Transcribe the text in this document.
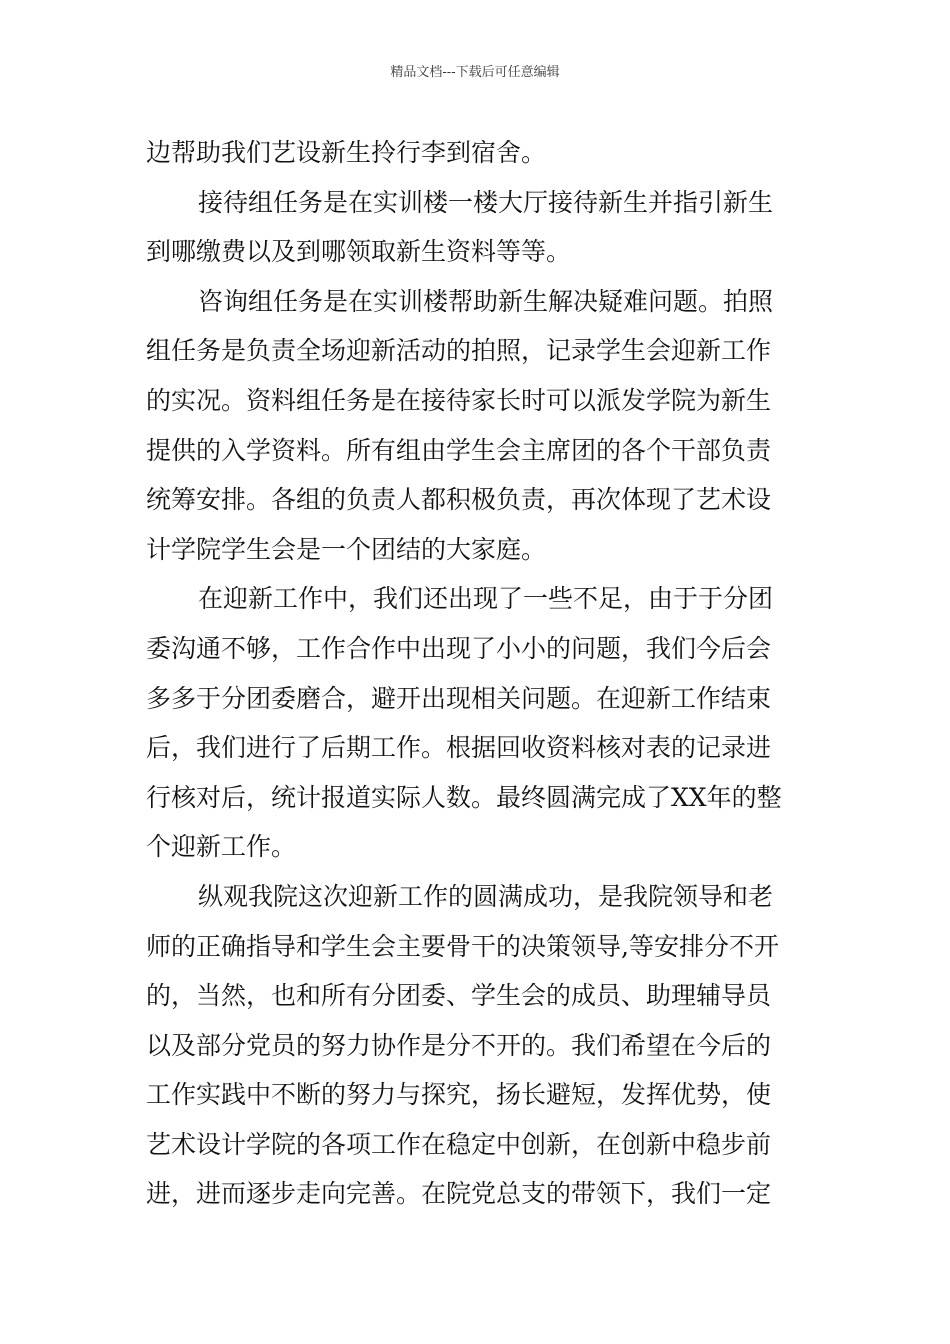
精品文档---下载后可任意编辑
边帮助我们艺设新生拎行李到宿舍。
接待组任务是在实训楼一楼大厅接待新生并指引新生
到哪缴费以及到哪领取新生资料等等。
咨询组任务是在实训楼帮助新生解决疑难问题。拍照
组任务是负责全场迎新活动的拍照，记录学生会迎新工作
的实况。资料组任务是在接待家长时可以派发学院为新生
提供的入学资料。所有组由学生会主席团的各个干部负责
统筹安排。各组的负责人都积极负责，再次体现了艺术设
计学院学生会是一个团结的大家庭。
在迎新工作中，我们还出现了一些不足，由于于分团
委沟通不够，工作合作中出现了小小的问题，我们今后会
多多于分团委磨合，避开出现相关问题。在迎新工作结束
后，我们进行了后期工作。根据回收资料核对表的记录进
行核对后，统计报道实际人数。最终圆满完成了XX年的整
个迎新工作。
纵观我院这次迎新工作的圆满成功，是我院领导和老
师的正确指导和学生会主要骨干的决策领导,等安排分不开
的，当然，也和所有分团委、学生会的成员、助理辅导员
以及部分党员的努力协作是分不开的。我们希望在今后的
工作实践中不断的努力与探究，扬长避短，发挥优势，使
艺术设计学院的各项工作在稳定中创新，在创新中稳步前
进，进而逐步走向完善。在院党总支的带领下，我们一定
